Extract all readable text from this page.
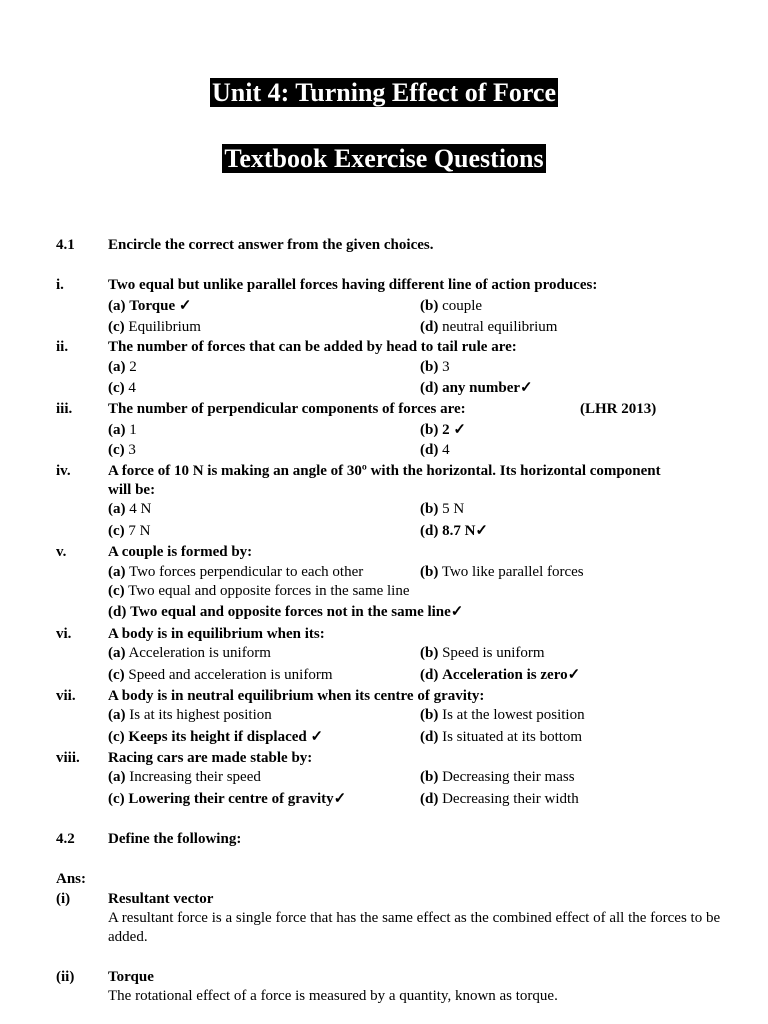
Unit 4: Turning Effect of Force
Textbook Exercise Questions
4.1 Encircle the correct answer from the given choices.
i.	Two equal but unlike parallel forces having different line of action produces:
(a) Torque ✓	(b) couple
(c) Equilibrium	(d) neutral equilibrium
ii.	The number of forces that can be added by head to tail rule are:
(a) 2	(b) 3
(c) 4	(d) any number✓
iii. The number of perpendicular components of forces are:	(LHR 2013)
(a) 1	(b) 2 ✓
(c) 3	(d) 4
iv. A force of 10 N is making an angle of 30º with the horizontal. Its horizontal component
will be:
(a) 4 N	(b) 5 N
(c) 7 N	(d) 8.7 N✓
v.	A couple is formed by:
(a) Two forces perpendicular to each other	(b) Two like parallel forces
(c) Two equal and opposite forces in the same line
(d) Two equal and opposite forces not in the same line✓
vi. A body is in equilibrium when its:
(a) Acceleration is uniform	(b) Speed is uniform
(c) Speed and acceleration is uniform	(d) Acceleration is zero✓
vii. A body is in neutral equilibrium when its centre of gravity:
(a) Is at its highest position	(b) Is at the lowest position
(c) Keeps its height if displaced ✓	(d) Is situated at its bottom
viii. Racing cars are made stable by:
(a) Increasing their speed	(b) Decreasing their mass
(c) Lowering their centre of gravity✓	(d) Decreasing their width
4.2 Define the following:
Ans:
(i)	Resultant vector
A resultant force is a single force that has the same effect as the combined effect of all the forces to be added.
(ii) Torque
The rotational effect of a force is measured by a quantity, known as torque.
